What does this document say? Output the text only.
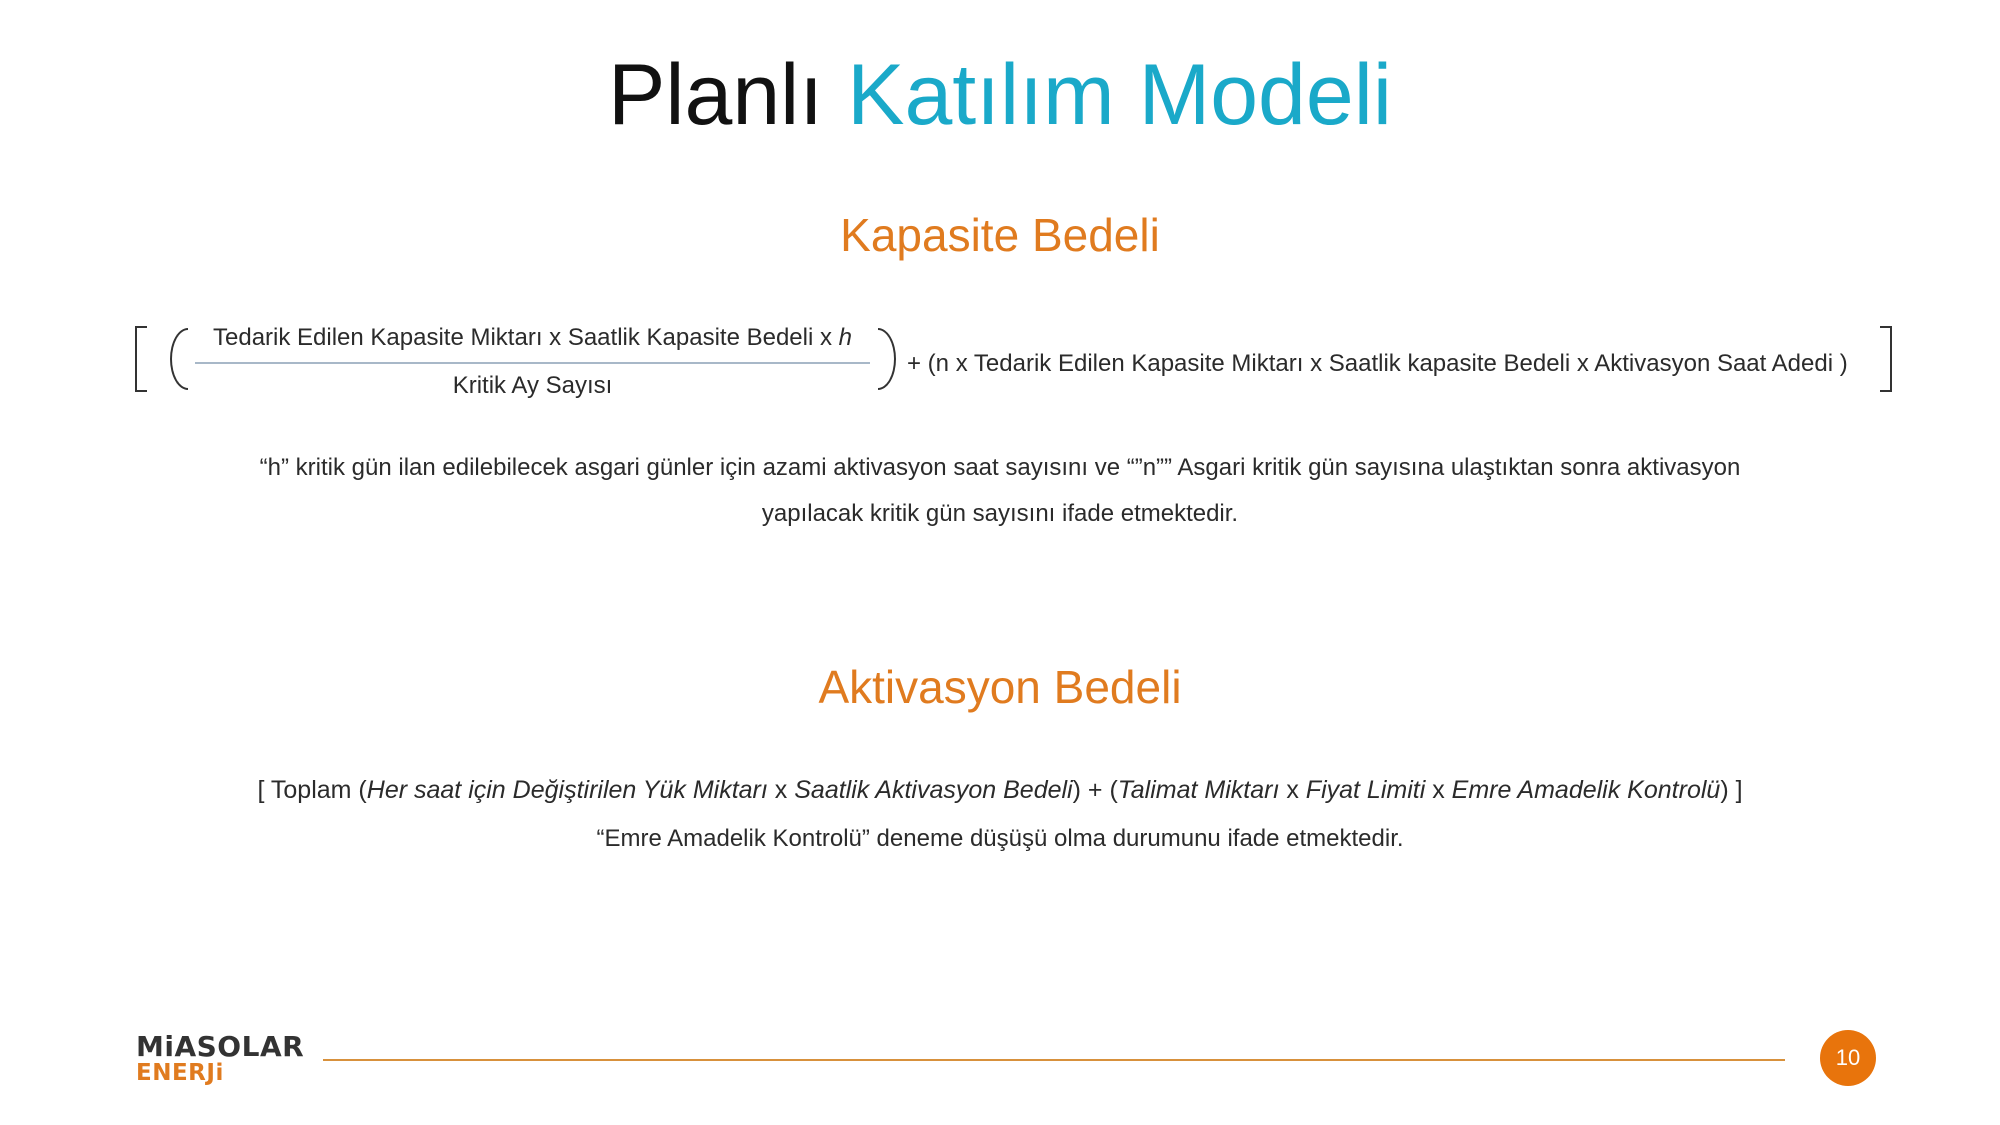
Planlı Katılım Modeli
Kapasite Bedeli
Tedarik Edilen Kapasite Miktarı x Saatlik Kapasite Bedeli x h
Kritik Ay Sayısı
+ (n x Tedarik Edilen Kapasite Miktarı x Saatlik kapasite Bedeli x Aktivasyon Saat Adedi )
“h” kritik gün ilan edilebilecek asgari günler için azami aktivasyon saat sayısını ve “”n”” Asgari kritik gün sayısına ulaştıktan sonra aktivasyon
yapılacak kritik gün sayısını ifade etmektedir.
Aktivasyon Bedeli
[ Toplam (Her saat için Değiştirilen Yük Miktarı x Saatlik Aktivasyon Bedeli) + (Talimat Miktarı x Fiyat Limiti x Emre Amadelik Kontrolü) ]
“Emre Amadelik Kontrolü” deneme düşüşü olma durumunu ifade etmektedir.
MiASOLAR
ENERJi
10
